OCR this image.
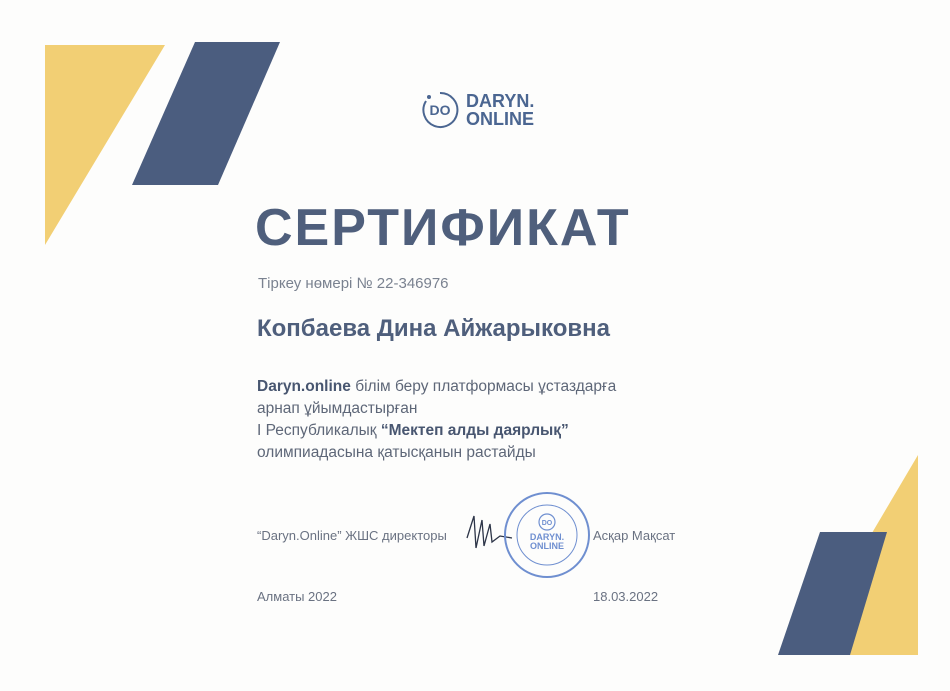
DO DARYN.
ONLINE
СЕРТИФИКАТ
Тіркеу нөмері № 22-346976
Копбаева Дина Айжарыковна
Daryn.online білім беру платформасы ұстаздарға
арнап ұйымдастырған
І Республикалық “Мектеп алды даярлық”
олимпиадасына қатысқанын растайды
DO
DARYN.
ONLINE
“Daryn.Online” ЖШС директоры	Асқар Мақсат
Алматы 2022	18.03.2022
